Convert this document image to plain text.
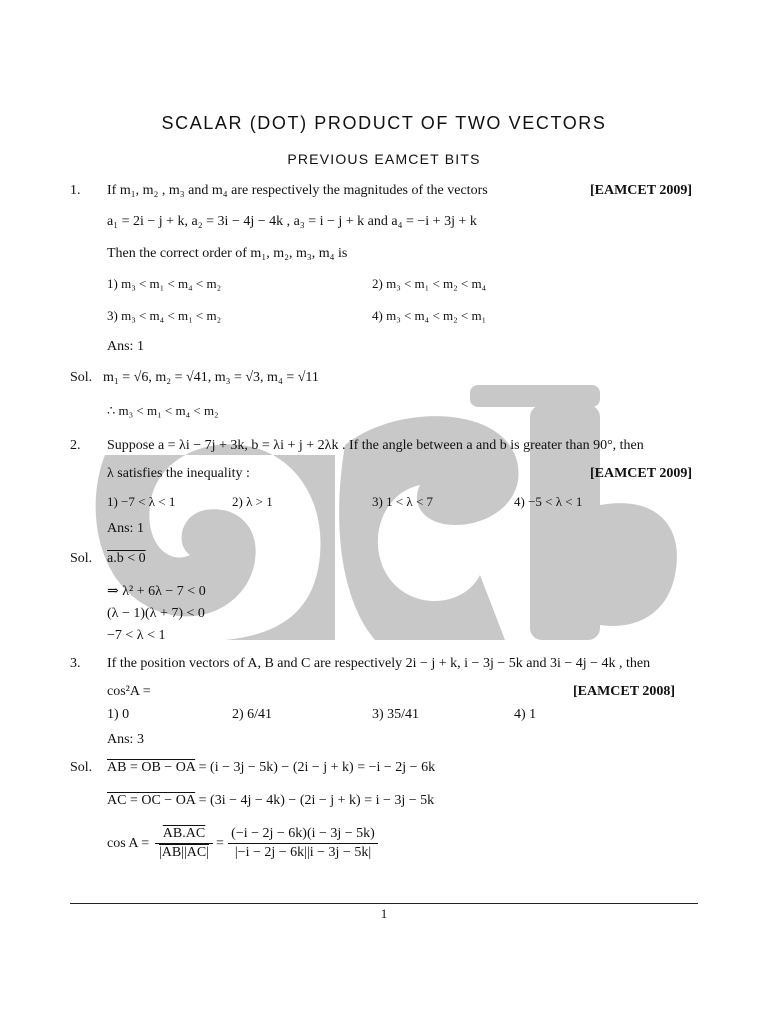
SCALAR (DOT) PRODUCT OF TWO VECTORS
PREVIOUS EAMCET BITS
1. If m₁, m₂ , m₃ and m₄ are respectively the magnitudes of the vectors	[EAMCET 2009]
a₁ = 2i − j + k, a₂ = 3i − 4j − 4k , a₃ = i − j + k and a₄ = −i + 3j + k
Then the correct order of m₁, m₂, m₃, m₄ is
1) m₃ < m₁ < m₄ < m₂	2) m₃ < m₁ < m₂ < m₄
3) m₃ < m₄ < m₁ < m₂	4) m₃ < m₄ < m₂ < m₁
Ans: 1
Sol. m₁ = √6, m₂ = √41, m₃ = √3, m₄ = √11
∴ m₃ < m₁ < m₄ < m₂
2. Suppose a = λi − 7j + 3k, b = λi + j + 2λk . If the angle between a and b is greater than 90°, then
λ satisfies the inequality :	[EAMCET 2009]
1) −7 < λ < 1	2) λ > 1	3) 1 < λ < 7	4) −5 < λ < 1
Ans: 1
Sol. a.b < 0
⇒ λ² + 6λ − 7 < 0
(λ − 1)(λ + 7) < 0
−7 < λ < 1
3. If the position vectors of A, B and C are respectively 2i − j + k, i − 3j − 5k and 3i − 4j − 4k , then
cos²A =	[EAMCET 2008]
1) 0	2) 6/41	3) 35/41	4) 1
Ans: 3
Sol. AB = OB − OA = (i − 3j − 5k) − (2i − j + k) = −i − 2j − 6k
AC = OC − OA = (3i − 4j − 4k) − (2i − j + k) = i − 3j − 5k
$\cos A = \frac{AB.AC}{|AB||AC|} = \frac{(-i - 2j - 6k)(i - 3j - 5k)}{|-i - 2j - 6k||i - 3j - 5k|}$
1
